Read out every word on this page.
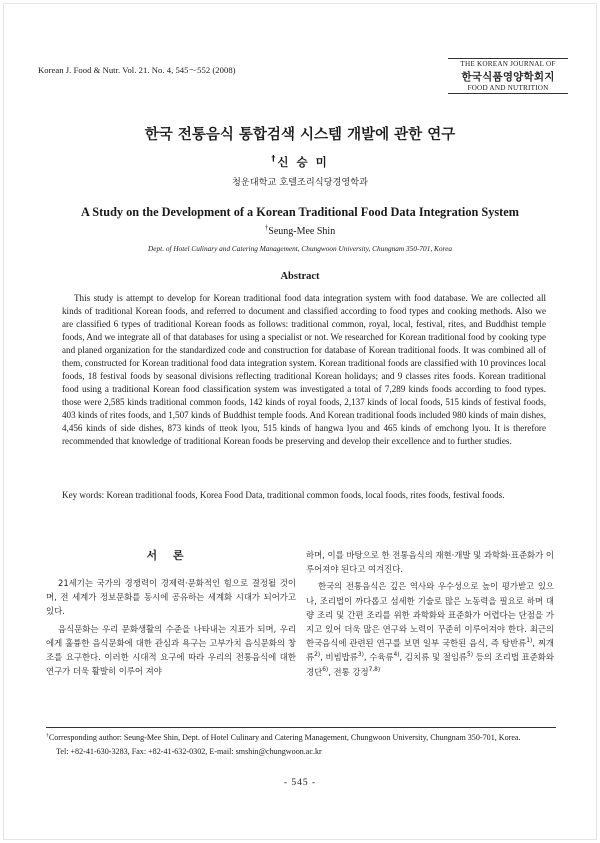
Korean J. Food & Nutr. Vol. 21. No. 4, 545～552 (2008)
THE KOREAN JOURNAL OF
한국식품영양학회지
FOOD AND NUTRITION
한국 전통음식 통합검색 시스템 개발에 관한 연구
†신 승 미
청운대학교 호텔조리식당경영학과
A Study on the Development of a Korean Traditional Food Data Integration System
†Seung-Mee Shin
Dept. of Hotel Culinary and Catering Management, Chungwoon University, Chungnam 350-701, Korea
Abstract

This study is attempt to develop for Korean traditional food data integration system with food database. We are collected all kinds of traditional Korean foods, and referred to document and classified according to food types and cooking methods. Also we are classified 6 types of traditional Korean foods as follows: traditional common, royal, local, festival, rites, and Buddhist temple foods, And we integrate all of that databases for using a specialist or not. We researched for Korean traditional food by cooking type and planed organization for the standardized code and construction for database of Korean traditional foods. It was combined all of them, constructed for Korean traditional food data integration system. Korean traditional foods are classified with 10 provinces local foods, 18 festival foods by seasonal divisions reflecting traditional Korean holidays; and 9 classes rites foods. Korean traditional food using a traditional Korean food classification system was investigated a total of 7,289 kinds foods according to food types. those were 2,585 kinds traditional common foods, 142 kinds of royal foods, 2,137 kinds of local foods, 515 kinds of festival foods, 403 kinds of rites foods, and 1,507 kinds of Buddhist temple foods. And Korean traditional foods included 980 kinds of main dishes, 4,456 kinds of side dishes, 873 kinds of tteok lyou, 515 kinds of hangwa lyou and 465 kinds of emchong lyou. It is therefore recommended that knowledge of traditional Korean foods be preserving and develop their excellence and to further studies.

Key words: Korean traditional foods, Korea Food Data, traditional common foods, local foods, rites foods, festival foods.

서 론

21세기는 국가의 경쟁력이 경제력·문화적인 힘으로 결정될 것이며, 전 세계가 정보문화를 동시에 공유하는 세계화 시대가 되어가고 있다.

음식문화는 우리 문화생활의 수준을 나타내는 지표가 되며, 우리에게 훌륭한 음식문화에 대한 관심과 욕구는 고부가치 음식문화의 창조를 요구한다. 이러한 시대적 요구에 따라 우리의 전통음식에 대한 연구가 더욱 활발히 이루어 져야

하며, 이를 바탕으로 한 전통음식의 재현·개발 및 과학화·표준화가 이루어져야 된다고 여겨진다.

한국의 전통음식은 깊은 역사와 우수성으로 높이 평가받고 있으나, 조리법이 까다롭고 섬세한 기술로 많은 노동력을 필요로 하며 대량 조리 및 간편 조리를 위한 과학화와 표준화가 어렵다는 단점을 가지고 있어 더욱 많은 연구와 노력이 꾸준히 이루어져야 한다. 최근의 한국음식에 관련된 연구를 보면 일부 국한된 음식, 즉 탕반류$^{1)}$, 찌개류$^{2)}$, 비빔밥류$^{3)}$, 수육류$^{4)}$, 김치류 및 절임류$^{5)}$ 등의 조리법 표준화와 경단$^{6)}$, 전통 강정$^{7,8)}$

†Corresponding author: Seung-Mee Shin, Dept. of Hotel Culinary and Catering Management, Chungwoon University, Chungnam 350-701, Korea.
Tel: +82-41-630-3283, Fax: +82-41-632-0302, E-mail: smshin@chungwoon.ac.kr
- 545 -
